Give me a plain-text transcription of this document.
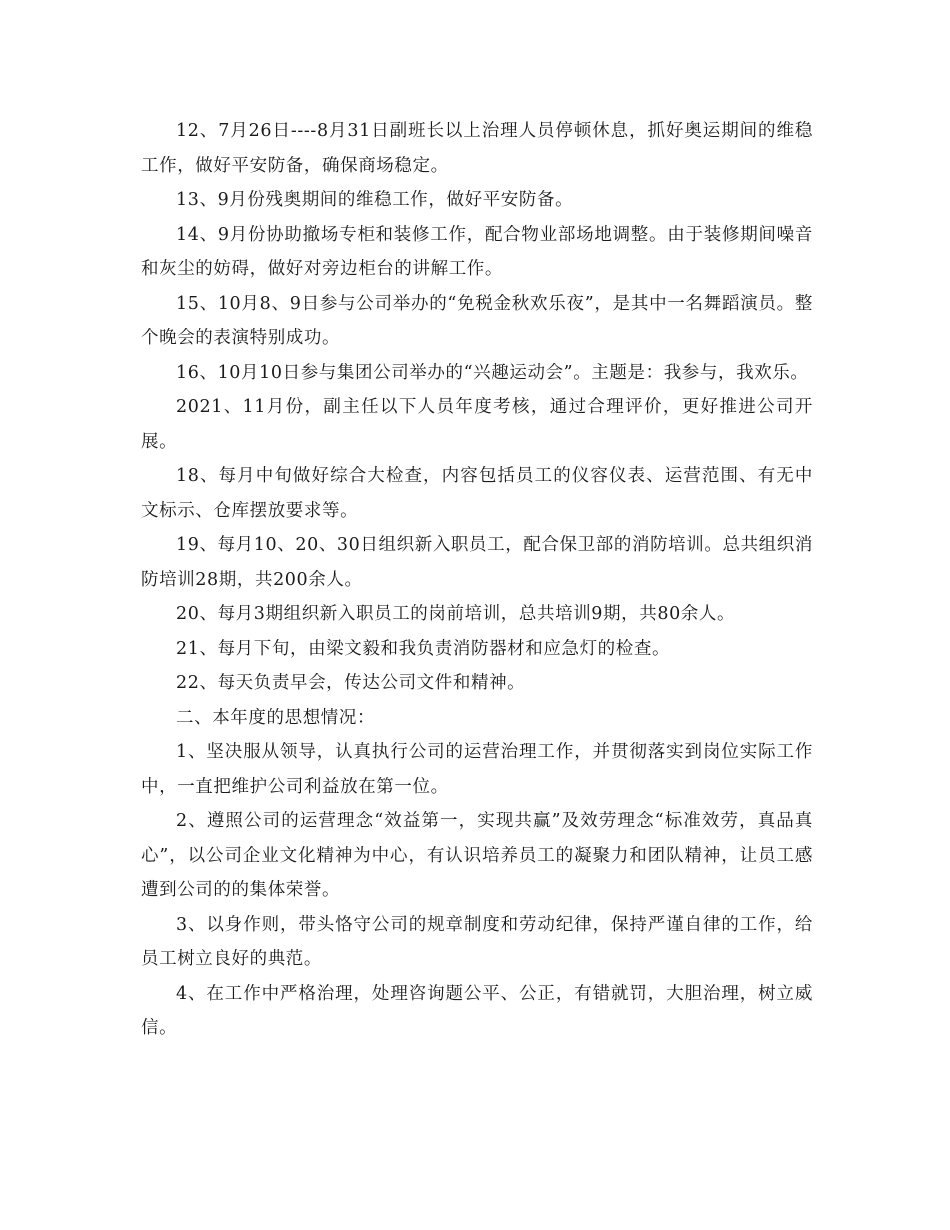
12、7月26日----8月31日副班长以上治理人员停顿休息，抓好奥运期间的维稳工作，做好平安防备，确保商场稳定。

13、9月份残奥期间的维稳工作，做好平安防备。

14、9月份协助撤场专柜和装修工作，配合物业部场地调整。由于装修期间噪音和灰尘的妨碍，做好对旁边柜台的讲解工作。

15、10月8、9日参与公司举办的“免税金秋欢乐夜”，是其中一名舞蹈演员。整个晚会的表演特别成功。

16、10月10日参与集团公司举办的“兴趣运动会”。主题是：我参与，我欢乐。

2021、11月份，副主任以下人员年度考核，通过合理评价，更好推进公司开展。

18、每月中旬做好综合大检查，内容包括员工的仪容仪表、运营范围、有无中文标示、仓库摆放要求等。

19、每月10、20、30日组织新入职员工，配合保卫部的消防培训。总共组织消防培训28期，共200余人。

20、每月3期组织新入职员工的岗前培训，总共培训9期，共80余人。

21、每月下旬，由梁文毅和我负责消防器材和应急灯的检查。

22、每天负责早会，传达公司文件和精神。

二、本年度的思想情况：

1、坚决服从领导，认真执行公司的运营治理工作，并贯彻落实到岗位实际工作中，一直把维护公司利益放在第一位。

2、遵照公司的运营理念“效益第一，实现共赢”及效劳理念“标准效劳，真品真心”，以公司企业文化精神为中心，有认识培养员工的凝聚力和团队精神，让员工感遭到公司的的集体荣誉。

3、以身作则，带头恪守公司的规章制度和劳动纪律，保持严谨自律的工作，给员工树立良好的典范。

4、在工作中严格治理，处理咨询题公平、公正，有错就罚，大胆治理，树立威信。
